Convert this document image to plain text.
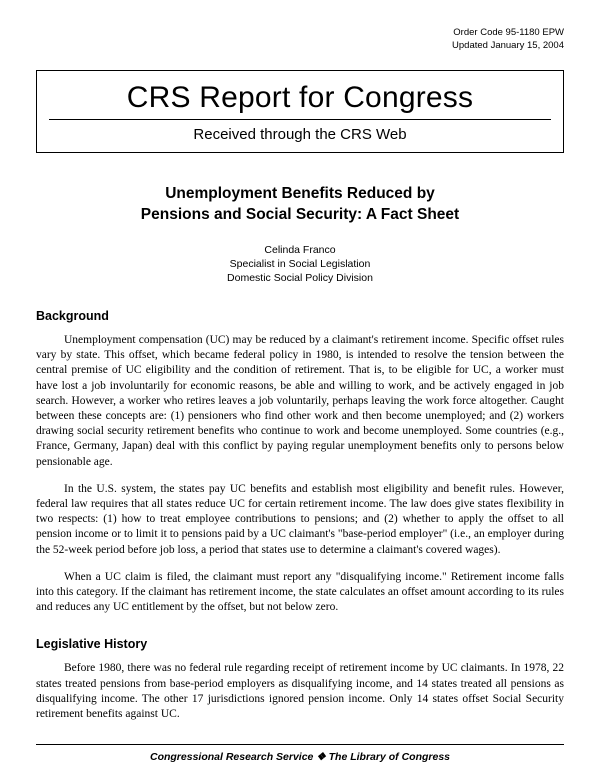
Order Code 95-1180 EPW
Updated January 15, 2004
CRS Report for Congress
Received through the CRS Web
Unemployment Benefits Reduced by
Pensions and Social Security: A Fact Sheet
Celinda Franco
Specialist in Social Legislation
Domestic Social Policy Division
Background

Unemployment compensation (UC) may be reduced by a claimant's retirement income. Specific offset rules vary by state. This offset, which became federal policy in 1980, is intended to resolve the tension between the central premise of UC eligibility and the condition of retirement. That is, to be eligible for UC, a worker must have lost a job involuntarily for economic reasons, be able and willing to work, and be actively engaged in job search. However, a worker who retires leaves a job voluntarily, perhaps leaving the work force altogether. Caught between these concepts are: (1) pensioners who find other work and then become unemployed; and (2) workers drawing social security retirement benefits who continue to work and become unemployed. Some countries (e.g., France, Germany, Japan) deal with this conflict by paying regular unemployment benefits only to persons below pensionable age.

In the U.S. system, the states pay UC benefits and establish most eligibility and benefit rules. However, federal law requires that all states reduce UC for certain retirement income. The law does give states flexibility in two respects: (1) how to treat employee contributions to pensions; and (2) whether to apply the offset to all pension income or to limit it to pensions paid by a UC claimant's "base-period employer" (i.e., an employer during the 52-week period before job loss, a period that states use to determine a claimant's covered wages).

When a UC claim is filed, the claimant must report any "disqualifying income." Retirement income falls into this category. If the claimant has retirement income, the state calculates an offset amount according to its rules and reduces any UC entitlement by the offset, but not below zero.

Legislative History

Before 1980, there was no federal rule regarding receipt of retirement income by UC claimants. In 1978, 22 states treated pensions from base-period employers as disqualifying income, and 14 states treated all pensions as disqualifying income. The other 17 jurisdictions ignored pension income. Only 14 states offset Social Security retirement benefits against UC.

Congressional Research Service ❖ The Library of Congress
